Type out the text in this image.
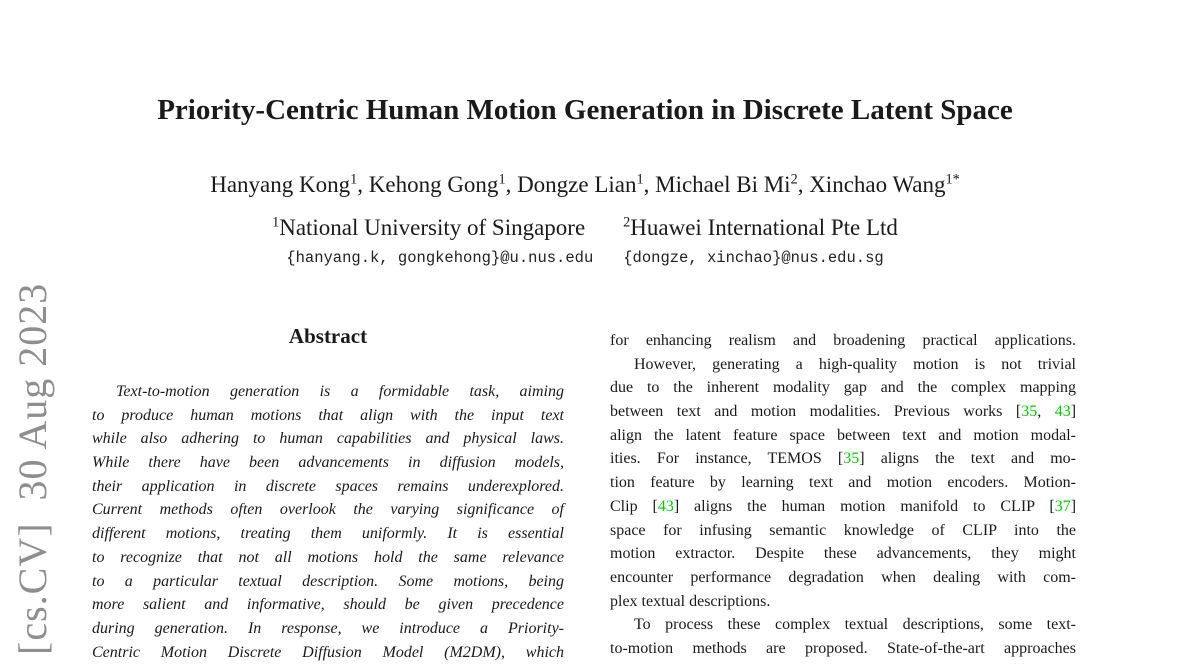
[cs.CV]  30 Aug 2023
Priority-Centric Human Motion Generation in Discrete Latent Space
Hanyang Kong$^1$, Kehong Gong$^1$, Dongze Lian$^1$, Michael Bi Mi$^2$, Xinchao Wang$^{1*}$
$^1$National University of Singapore	$^2$Huawei International Pte Ltd
{hanyang.k, gongkehong}@u.nus.edu {dongze, xinchao}@nus.edu.sg
Abstract
Text-to-motion generation is a formidable task, aiming
to produce human motions that align with the input text
while also adhering to human capabilities and physical laws.
While there have been advancements in diffusion models,
their application in discrete spaces remains underexplored.
Current methods often overlook the varying significance of
different motions, treating them uniformly. It is essential
to recognize that not all motions hold the same relevance
to a particular textual description. Some motions, being
more salient and informative, should be given precedence
during generation. In response, we introduce a Priority-
Centric Motion Discrete Diffusion Model (M2DM), which
for enhancing realism and broadening practical applications.
However, generating a high-quality motion is not trivial
due to the inherent modality gap and the complex mapping
between text and motion modalities. Previous works [35, 43]
align the latent feature space between text and motion modal-
ities. For instance, TEMOS [35] aligns the text and mo-
tion feature by learning text and motion encoders. Motion-
Clip [43] aligns the human motion manifold to CLIP [37]
space for infusing semantic knowledge of CLIP into the
motion extractor. Despite these advancements, they might
encounter performance degradation when dealing with com-
plex textual descriptions.
To process these complex textual descriptions, some text-
to-motion methods are proposed. State-of-the-art approaches
